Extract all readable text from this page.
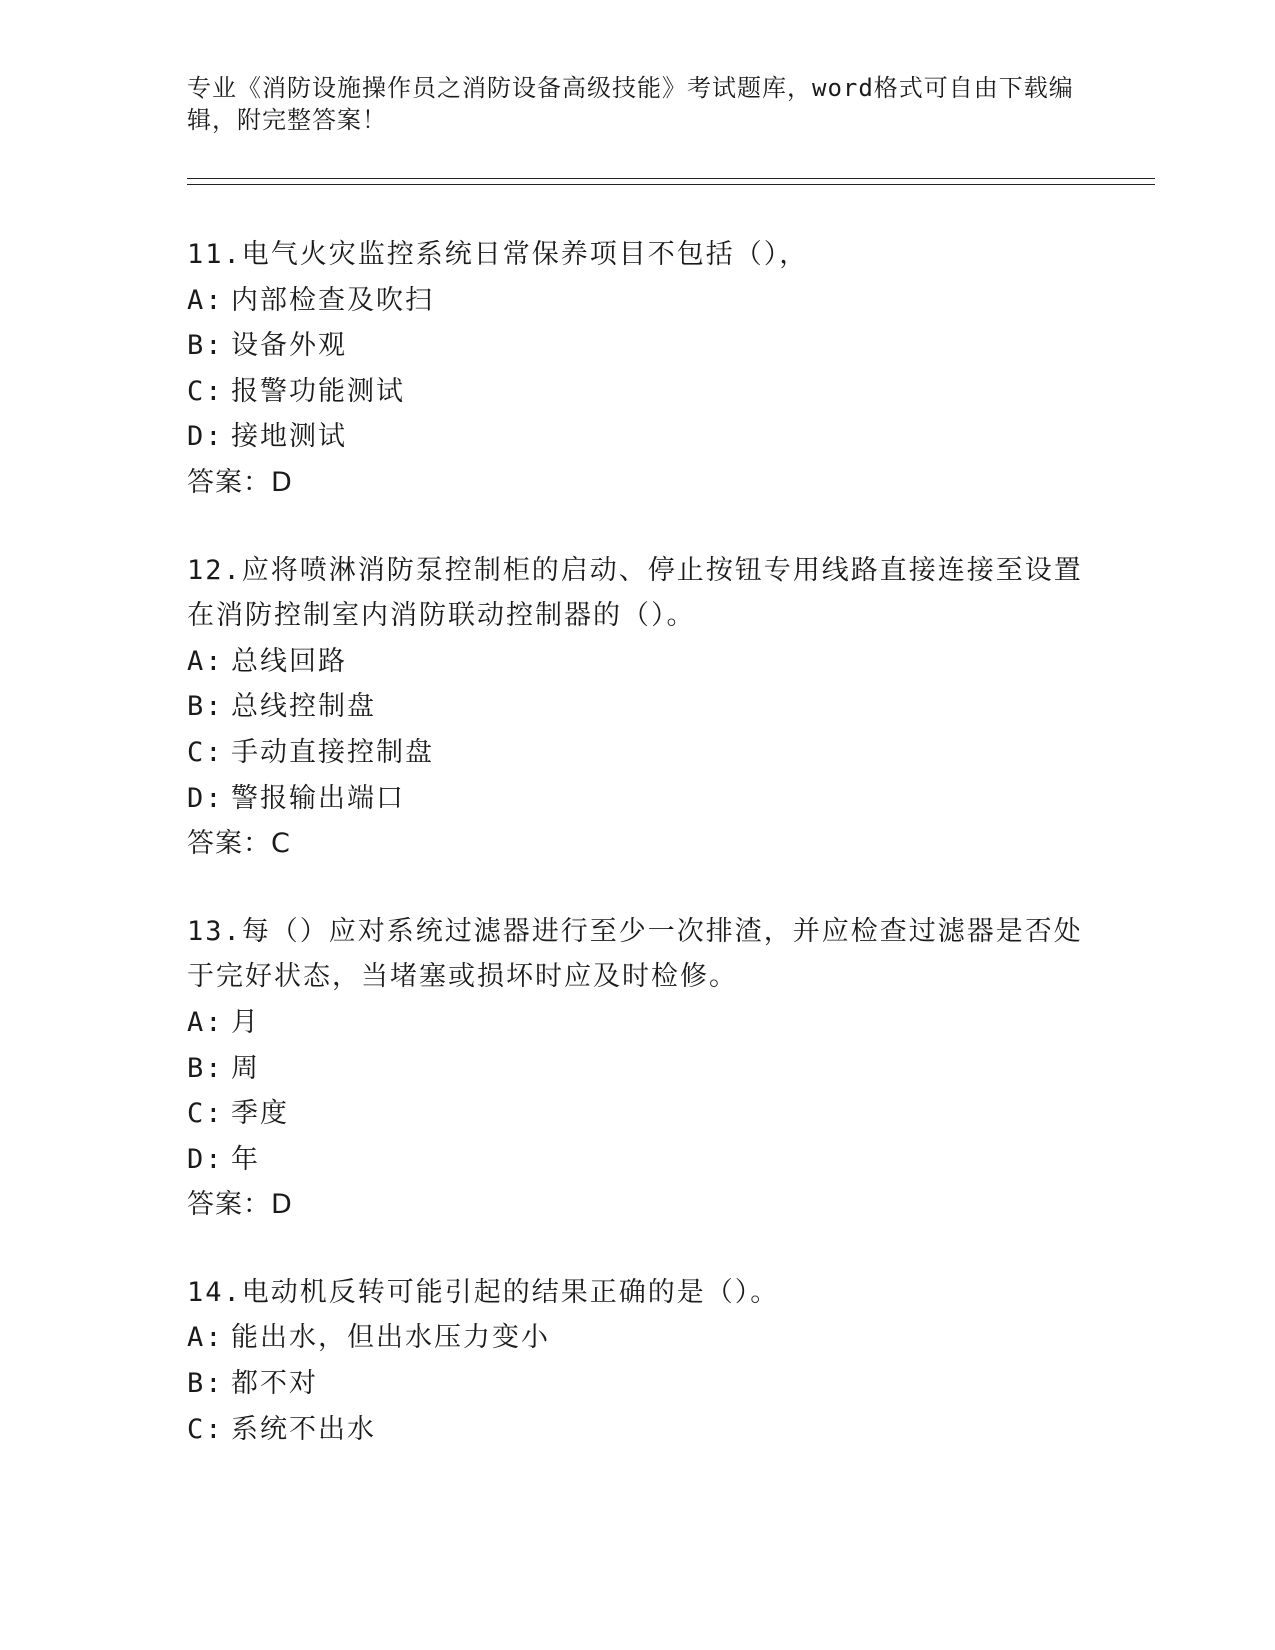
专业《消防设施操作员之消防设备高级技能》考试题库，word格式可自由下载编
辑，附完整答案！
11.电气火灾监控系统日常保养项目不包括（），
A: 内部检查及吹扫
B: 设备外观
C: 报警功能测试
D: 接地测试
答案：D
12.应将喷淋消防泵控制柜的启动、停止按钮专用线路直接连接至设置
在消防控制室内消防联动控制器的（）。
A: 总线回路
B: 总线控制盘
C: 手动直接控制盘
D: 警报输出端口
答案：C
13.每（）应对系统过滤器进行至少一次排渣，并应检查过滤器是否处
于完好状态，当堵塞或损坏时应及时检修。
A: 月
B: 周
C: 季度
D: 年
答案：D
14.电动机反转可能引起的结果正确的是（）。
A: 能出水，但出水压力变小
B: 都不对
C: 系统不出水
